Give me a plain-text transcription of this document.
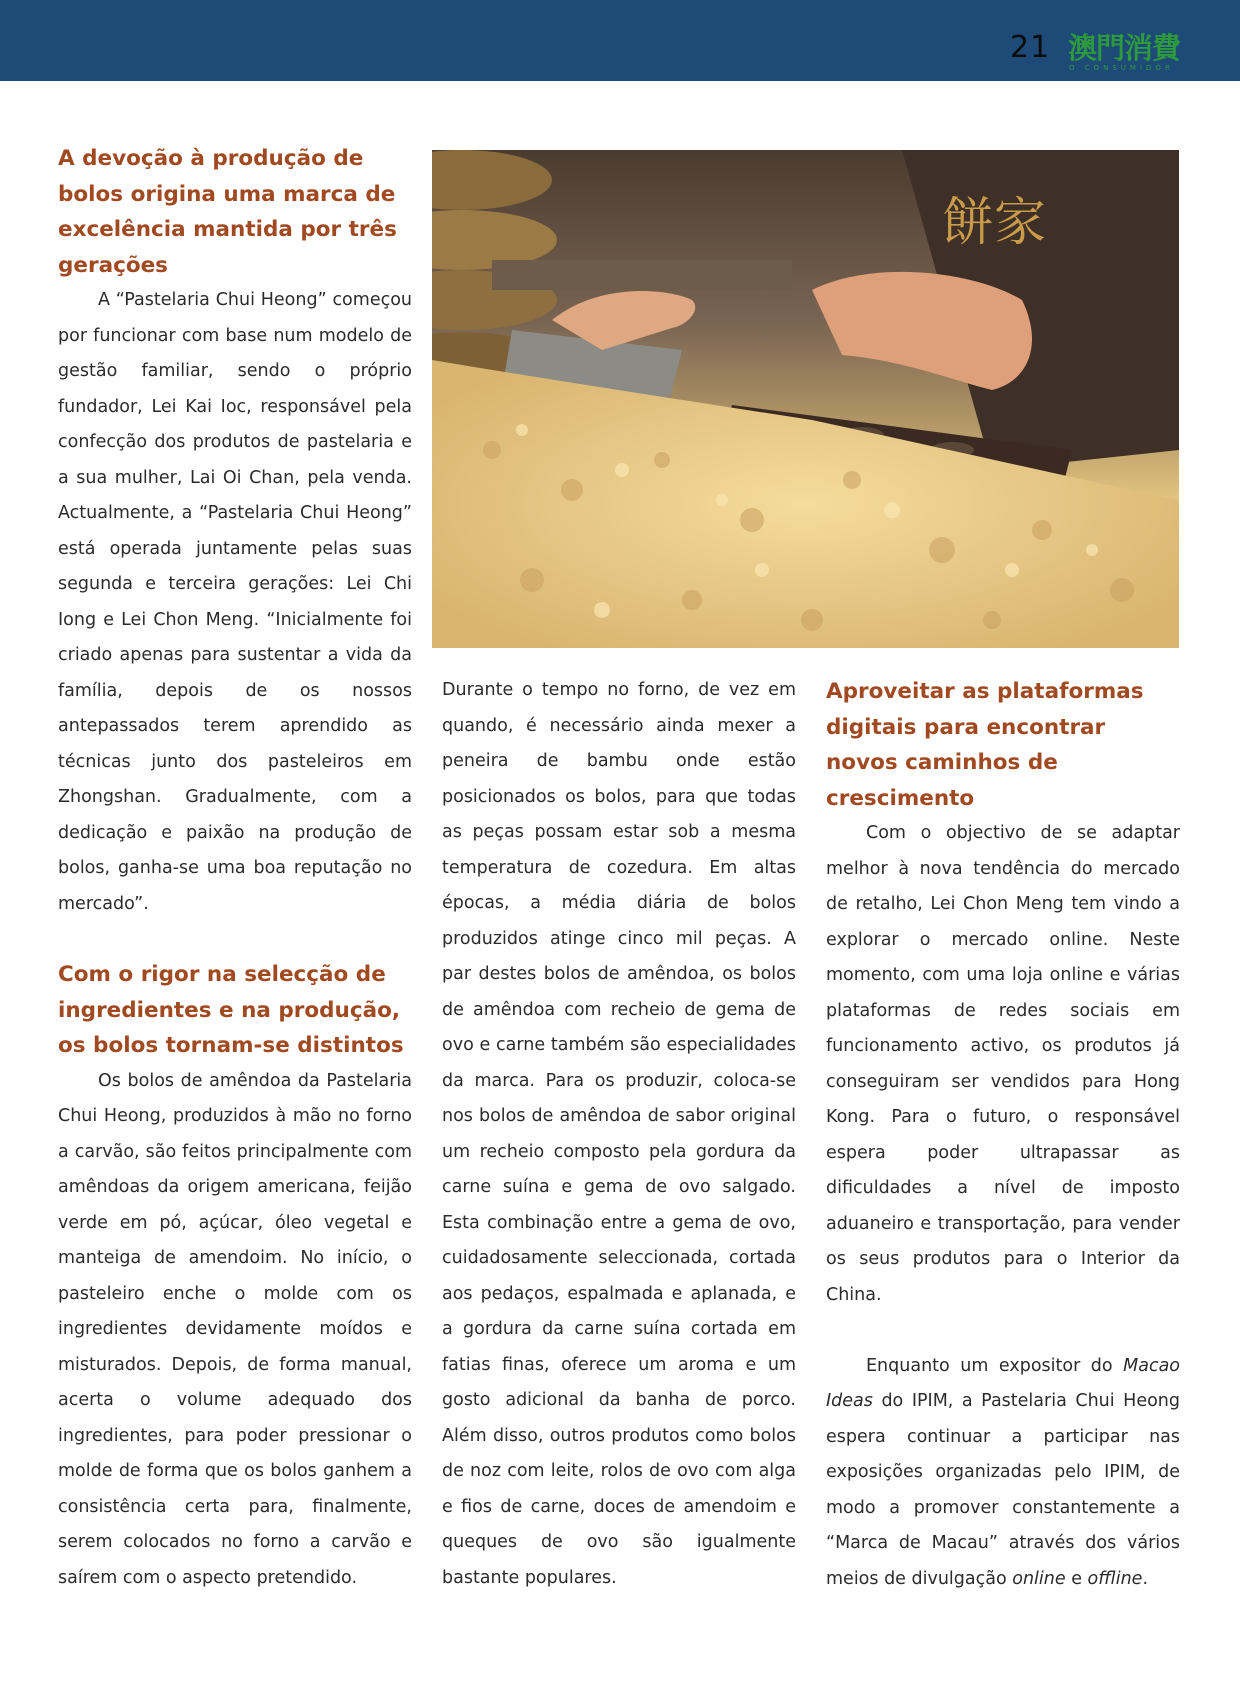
21 澳門消費
O CONSUMIDOR
餅家
A devoção à produção de bolos origina uma marca de excelência mantida por três gerações

A “Pastelaria Chui Heong” começou por funcionar com base num modelo de gestão familiar, sendo o próprio fundador, Lei Kai Ioc, responsável pela confecção dos produtos de pastelaria e a sua mulher, Lai Oi Chan, pela venda. Actualmente, a “Pastelaria Chui Heong” está operada juntamente pelas suas segunda e terceira gerações: Lei Chi Iong e Lei Chon Meng. “Inicialmente foi criado apenas para sustentar a vida da família, depois de os nossos antepassados terem aprendido as técnicas junto dos pasteleiros em Zhongshan. Gradualmente, com a dedicação e paixão na produção de bolos, ganha-se uma boa reputação no mercado”.

Com o rigor na selecção de ingredientes e na produção, os bolos tornam-se distintos

Os bolos de amêndoa da Pastelaria Chui Heong, produzidos à mão no forno a carvão, são feitos principalmente com amêndoas da origem americana, feijão verde em pó, açúcar, óleo vegetal e manteiga de amendoim. No início, o pasteleiro enche o molde com os ingredientes devidamente moídos e misturados. Depois, de forma manual, acerta o volume adequado dos ingredientes, para poder pressionar o molde de forma que os bolos ganhem a consistência certa para, finalmente, serem colocados no forno a carvão e saírem com o aspecto pretendido.

Durante o tempo no forno, de vez em quando, é necessário ainda mexer a peneira de bambu onde estão posicionados os bolos, para que todas as peças possam estar sob a mesma temperatura de cozedura. Em altas épocas, a média diária de bolos produzidos atinge cinco mil peças. A par destes bolos de amêndoa, os bolos de amêndoa com recheio de gema de ovo e carne também são especialidades da marca. Para os produzir, coloca-se nos bolos de amêndoa de sabor original um recheio composto pela gordura da carne suína e gema de ovo salgado. Esta combinação entre a gema de ovo, cuidadosamente seleccionada, cortada aos pedaços, espalmada e aplanada, e a gordura da carne suína cortada em fatias finas, oferece um aroma e um gosto adicional da banha de porco. Além disso, outros produtos como bolos de noz com leite, rolos de ovo com alga e fios de carne, doces de amendoim e queques de ovo são igualmente bastante populares.

Aproveitar as plataformas digitais para encontrar novos caminhos de crescimento

Com o objectivo de se adaptar melhor à nova tendência do mercado de retalho, Lei Chon Meng tem vindo a explorar o mercado online. Neste momento, com uma loja online e várias plataformas de redes sociais em funcionamento activo, os produtos já conseguiram ser vendidos para Hong Kong. Para o futuro, o responsável espera poder ultrapassar as dificuldades a nível de imposto aduaneiro e transportação, para vender os seus produtos para o Interior da China.

Enquanto um expositor do Macao Ideas do IPIM, a Pastelaria Chui Heong espera continuar a participar nas exposições organizadas pelo IPIM, de modo a promover constantemente a “Marca de Macau” através dos vários meios de divulgação online e offline.
